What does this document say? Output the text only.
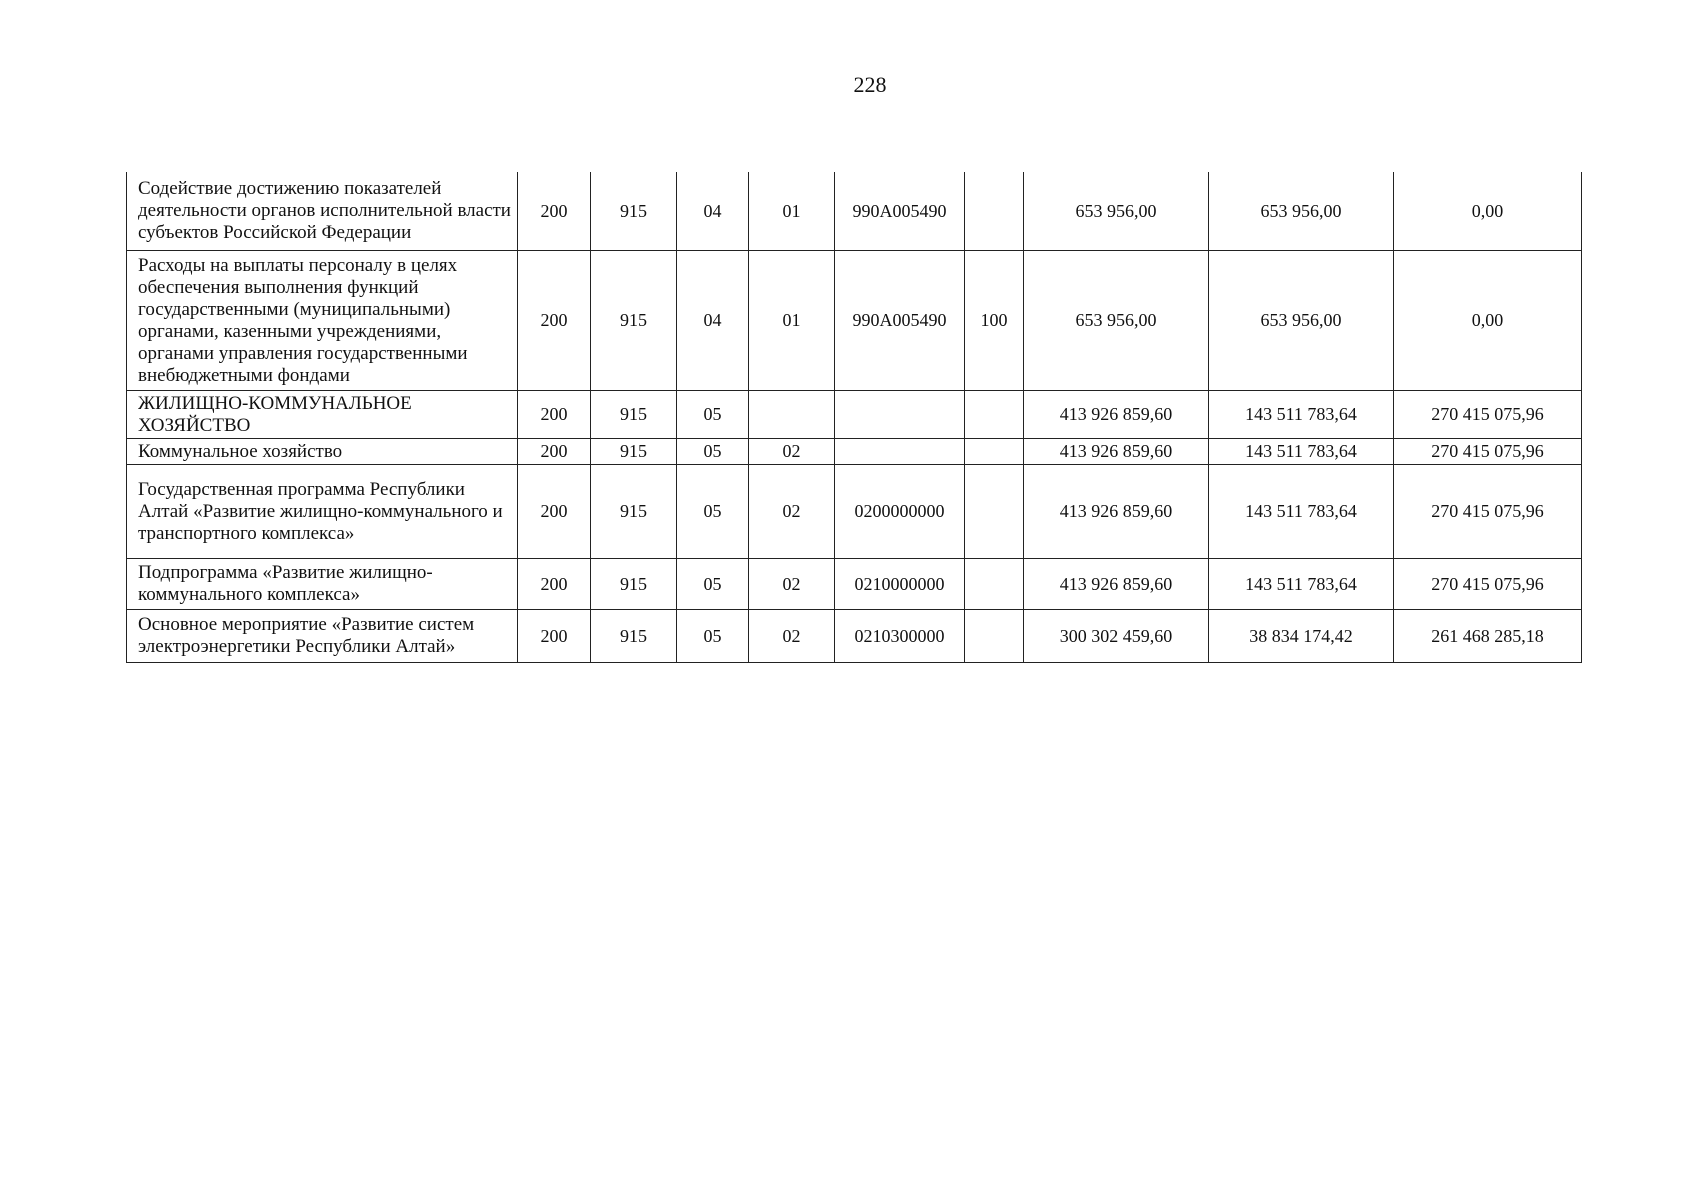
228
Содействие достижению показателей деятельности органов исполнительной власти субъектов Российской Федерации	200	915	04	01	990А005490		653 956,00	653 956,00	0,00
Расходы на выплаты персоналу в целях обеспечения выполнения функций государственными (муниципальными) органами, казенными учреждениями, органами управления государственными внебюджетными фондами	200	915	04	01	990А005490	100	653 956,00	653 956,00	0,00
ЖИЛИЩНО-КОММУНАЛЬНОЕ ХОЗЯЙСТВО	200	915	05				413 926 859,60	143 511 783,64	270 415 075,96
Коммунальное хозяйство	200	915	05	02			413 926 859,60	143 511 783,64	270 415 075,96
Государственная программа Республики Алтай «Развитие жилищно-коммунального и транспортного комплекса»	200	915	05	02	0200000000		413 926 859,60	143 511 783,64	270 415 075,96
Подпрограмма «Развитие жилищно-коммунального комплекса»	200	915	05	02	0210000000		413 926 859,60	143 511 783,64	270 415 075,96
Основное мероприятие «Развитие систем электроэнергетики Республики Алтай»	200	915	05	02	0210300000		300 302 459,60	38 834 174,42	261 468 285,18
